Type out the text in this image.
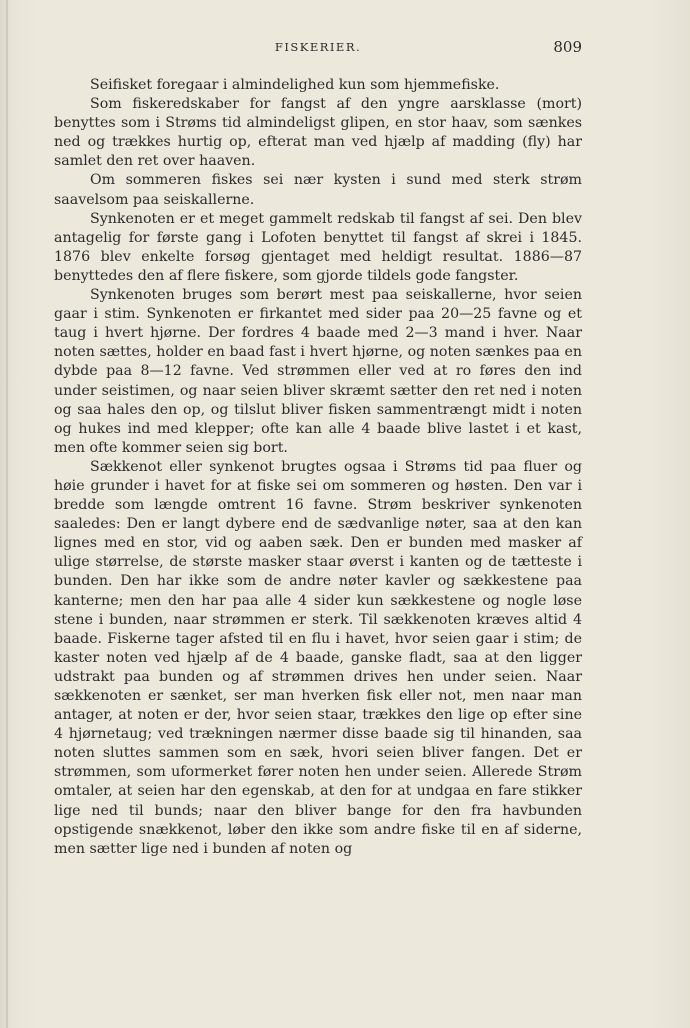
FISKERIER.	809

Seifisket foregaar i almindelighed kun som hjemmefiske.

Som fiskeredskaber for fangst af den yngre aarsklasse (mort) benyttes som i Strøms tid almindeligst glipen, en stor haav, som sænkes ned og trækkes hurtig op, efterat man ved hjælp af madding (fly) har samlet den ret over haaven.

Om sommeren fiskes sei nær kysten i sund med sterk strøm saavelsom paa seiskallerne.

Synkenoten er et meget gammelt redskab til fangst af sei. Den blev antagelig for første gang i Lofoten benyttet til fangst af skrei i 1845. 1876 blev enkelte forsøg gjentaget med heldigt resultat. 1886—87 benyttedes den af flere fiskere, som gjorde tildels gode fangster.

Synkenoten bruges som berørt mest paa seiskallerne, hvor seien gaar i stim. Synkenoten er firkantet med sider paa 20—25 favne og et taug i hvert hjørne. Der fordres 4 baade med 2—3 mand i hver. Naar noten sættes, holder en baad fast i hvert hjørne, og noten sænkes paa en dybde paa 8—12 favne. Ved strømmen eller ved at ro føres den ind under seistimen, og naar seien bliver skræmt sætter den ret ned i noten og saa hales den op, og tilslut bliver fisken sammentrængt midt i noten og hukes ind med klepper; ofte kan alle 4 baade blive lastet i et kast, men ofte kommer seien sig bort.

Sækkenot eller synkenot brugtes ogsaa i Strøms tid paa fluer og høie grunder i havet for at fiske sei om sommeren og høsten. Den var i bredde som længde omtrent 16 favne. Strøm beskriver synkenoten saaledes: Den er langt dybere end de sædvanlige nøter, saa at den kan lignes med en stor, vid og aaben sæk. Den er bunden med masker af ulige størrelse, de største masker staar øverst i kanten og de tætteste i bunden. Den har ikke som de andre nøter kavler og sækkestene paa kanterne; men den har paa alle 4 sider kun sækkestene og nogle løse stene i bunden, naar strømmen er sterk. Til sækkenoten kræves altid 4 baade. Fiskerne tager afsted til en flu i havet, hvor seien gaar i stim; de kaster noten ved hjælp af de 4 baade, ganske fladt, saa at den ligger udstrakt paa bunden og af strømmen drives hen under seien. Naar sækkenoten er sænket, ser man hverken fisk eller not, men naar man antager, at noten er der, hvor seien staar, trækkes den lige op efter sine 4 hjørnetaug; ved trækningen nærmer disse baade sig til hinanden, saa noten sluttes sammen som en sæk, hvori seien bliver fangen. Det er strømmen, som uformerket fører noten hen under seien. Allerede Strøm omtaler, at seien har den egenskab, at den for at undgaa en fare stikker lige ned til bunds; naar den bliver bange for den fra havbunden opstigende snækkenot, løber den ikke som andre fiske til en af siderne, men sætter lige ned i bunden af noten og
